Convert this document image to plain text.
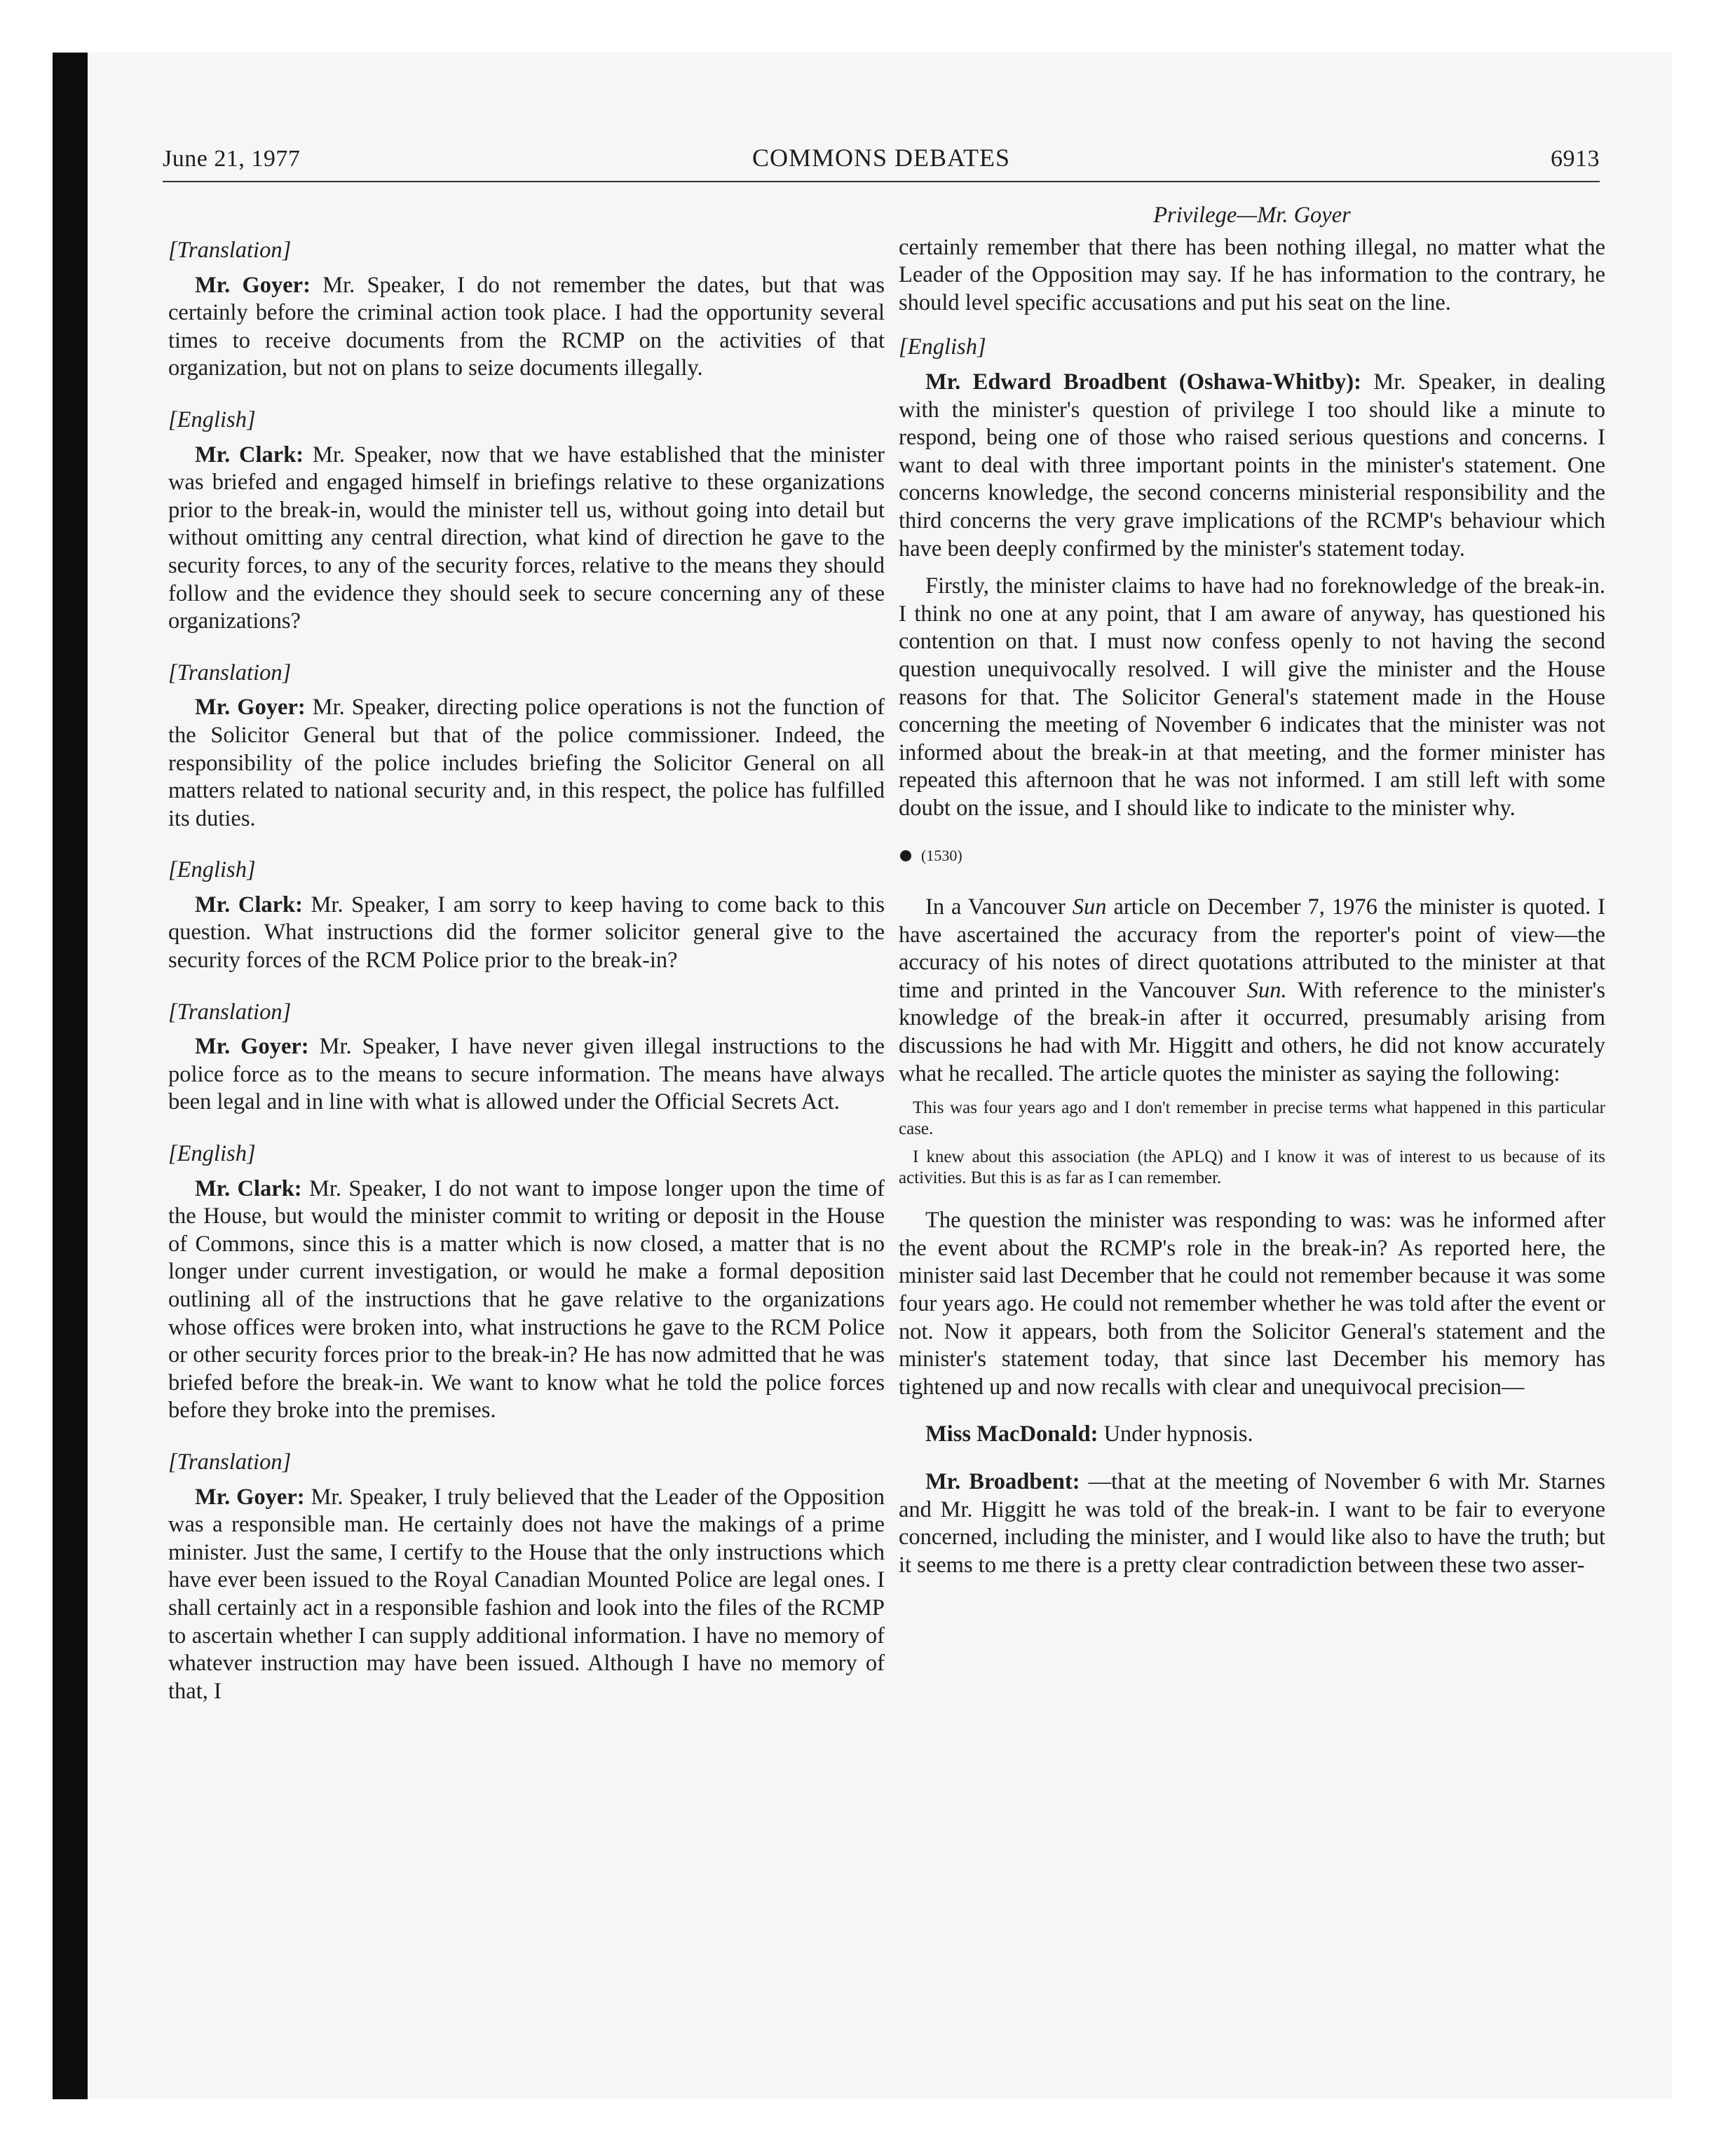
June 21, 1977	COMMONS DEBATES	6913
[Translation]

Mr. Goyer: Mr. Speaker, I do not remember the dates, but that was certainly before the criminal action took place. I had the opportunity several times to receive documents from the RCMP on the activities of that organization, but not on plans to seize documents illegally.

[English]

Mr. Clark: Mr. Speaker, now that we have established that the minister was briefed and engaged himself in briefings relative to these organizations prior to the break-in, would the minister tell us, without going into detail but without omitting any central direction, what kind of direction he gave to the security forces, to any of the security forces, relative to the means they should follow and the evidence they should seek to secure concerning any of these organizations?

[Translation]

Mr. Goyer: Mr. Speaker, directing police operations is not the function of the Solicitor General but that of the police commissioner. Indeed, the responsibility of the police includes briefing the Solicitor General on all matters related to national security and, in this respect, the police has fulfilled its duties.

[English]

Mr. Clark: Mr. Speaker, I am sorry to keep having to come back to this question. What instructions did the former solicitor general give to the security forces of the RCM Police prior to the break-in?

[Translation]

Mr. Goyer: Mr. Speaker, I have never given illegal instructions to the police force as to the means to secure information. The means have always been legal and in line with what is allowed under the Official Secrets Act.

[English]

Mr. Clark: Mr. Speaker, I do not want to impose longer upon the time of the House, but would the minister commit to writing or deposit in the House of Commons, since this is a matter which is now closed, a matter that is no longer under current investigation, or would he make a formal deposition outlining all of the instructions that he gave relative to the organizations whose offices were broken into, what instructions he gave to the RCM Police or other security forces prior to the break-in? He has now admitted that he was briefed before the break-in. We want to know what he told the police forces before they broke into the premises.

[Translation]

Mr. Goyer: Mr. Speaker, I truly believed that the Leader of the Opposition was a responsible man. He certainly does not have the makings of a prime minister. Just the same, I certify to the House that the only instructions which have ever been issued to the Royal Canadian Mounted Police are legal ones. I shall certainly act in a responsible fashion and look into the files of the RCMP to ascertain whether I can supply additional information. I have no memory of whatever instruction may have been issued. Although I have no memory of that, I

Privilege—Mr. Goyer

certainly remember that there has been nothing illegal, no matter what the Leader of the Opposition may say. If he has information to the contrary, he should level specific accusations and put his seat on the line.

[English]

Mr. Edward Broadbent (Oshawa-Whitby): Mr. Speaker, in dealing with the minister's question of privilege I too should like a minute to respond, being one of those who raised serious questions and concerns. I want to deal with three important points in the minister's statement. One concerns knowledge, the second concerns ministerial responsibility and the third concerns the very grave implications of the RCMP's behaviour which have been deeply confirmed by the minister's statement today.

Firstly, the minister claims to have had no foreknowledge of the break-in. I think no one at any point, that I am aware of anyway, has questioned his contention on that. I must now confess openly to not having the second question unequivocally resolved. I will give the minister and the House reasons for that. The Solicitor General's statement made in the House concerning the meeting of November 6 indicates that the minister was not informed about the break-in at that meeting, and the former minister has repeated this afternoon that he was not informed. I am still left with some doubt on the issue, and I should like to indicate to the minister why.

(1530)

In a Vancouver Sun article on December 7, 1976 the minister is quoted. I have ascertained the accuracy from the reporter's point of view—the accuracy of his notes of direct quotations attributed to the minister at that time and printed in the Vancouver Sun. With reference to the minister's knowledge of the break-in after it occurred, presumably arising from discussions he had with Mr. Higgitt and others, he did not know accurately what he recalled. The article quotes the minister as saying the following:

This was four years ago and I don't remember in precise terms what happened in this particular case.

I knew about this association (the APLQ) and I know it was of interest to us because of its activities. But this is as far as I can remember.

The question the minister was responding to was: was he informed after the event about the RCMP's role in the break-in? As reported here, the minister said last December that he could not remember because it was some four years ago. He could not remember whether he was told after the event or not. Now it appears, both from the Solicitor General's statement and the minister's statement today, that since last December his memory has tightened up and now recalls with clear and unequivocal precision—

Miss MacDonald: Under hypnosis.

Mr. Broadbent: —that at the meeting of November 6 with Mr. Starnes and Mr. Higgitt he was told of the break-in. I want to be fair to everyone concerned, including the minister, and I would like also to have the truth; but it seems to me there is a pretty clear contradiction between these two asser-
